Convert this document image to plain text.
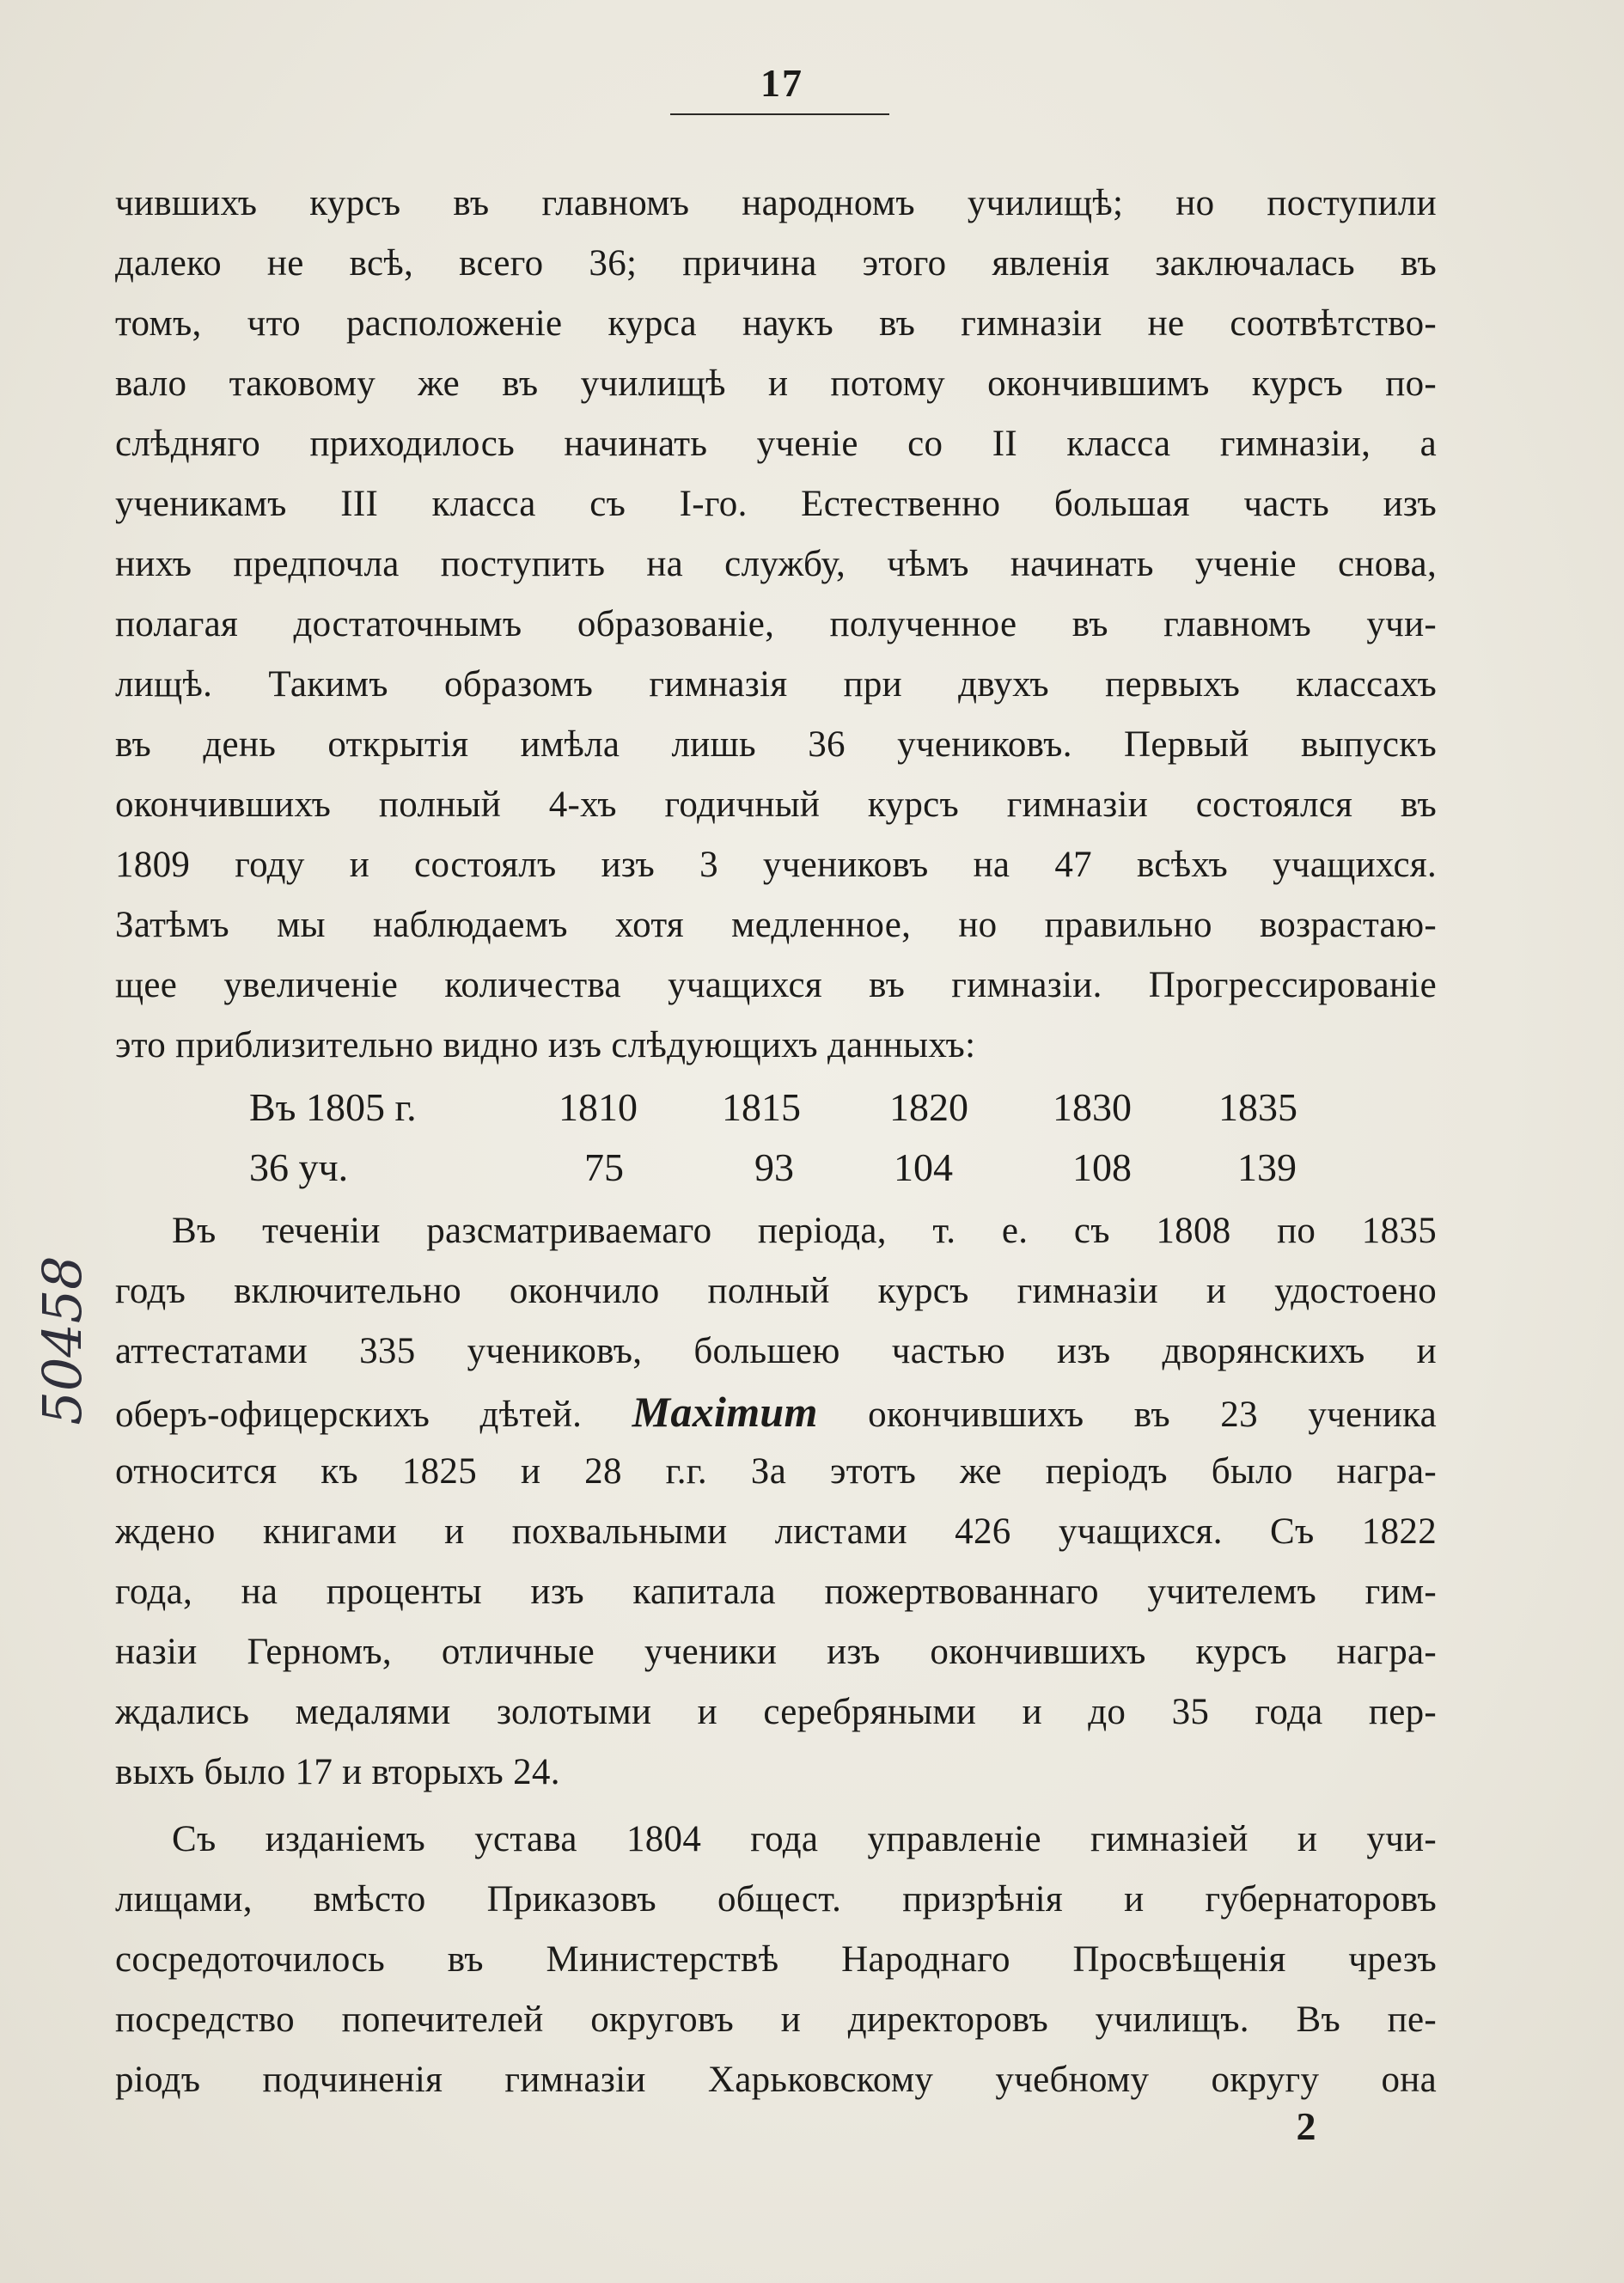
17
чившихъ курсъ въ главномъ народномъ училищѣ; но поступили
далеко не всѣ, всего 36; причина этого явленія заключалась въ
томъ, что расположеніе курса наукъ въ гимназіи не соотвѣтство-
вало таковому же въ училищѣ и потому окончившимъ курсъ по-
слѣдняго приходилось начинать ученіе со II класса гимназіи, а
ученикамъ III класса съ I-го. Естественно большая часть изъ
нихъ предпочла поступить на службу, чѣмъ начинать ученіе снова,
полагая достаточнымъ образованіе, полученное въ главномъ учи-
лищѣ. Такимъ образомъ гимназія при двухъ первыхъ классахъ
въ день открытія имѣла лишь 36 учениковъ. Первый выпускъ
окончившихъ полный 4-хъ годичный курсъ гимназіи состоялся въ
1809 году и состоялъ изъ 3 учениковъ на 47 всѣхъ учащихся.
Затѣмъ мы наблюдаемъ хотя медленное, но правильно возрастаю-
щее увеличеніе количества учащихся въ гимназіи. Прогрессированіе
это приблизительно видно изъ слѣдующихъ данныхъ:
Въ 1805 г.	1810 1815 1820 1830 1835
36 уч.	75	93	104	108	139
Въ теченіи разсматриваемаго періода, т. е. съ 1808 по 1835
годъ включительно окончило полный курсъ гимназіи и удостоено
аттестатами 335 учениковъ, большею частью изъ дворянскихъ и
оберъ-офицерскихъ дѣтей. Maxiтит окончившихъ въ 23 ученика
относится къ 1825 и 28 г.г. За этотъ же періодъ было награ-
ждено книгами и похвальными листами 426 учащихся. Съ 1822
года, на проценты изъ капитала пожертвованнаго учителемъ гим-
назіи Герномъ, отличные ученики изъ окончившихъ курсъ награ-
ждались медалями золотыми и серебряными и до 35 года пер-
выхъ было 17 и вторыхъ 24.
Съ изданіемъ устава 1804 года управленіе гимназіей и учи-
лищами, вмѣсто Приказовъ общест. призрѣнія и губернаторовъ
сосредоточилось въ Министерствѣ Народнаго Просвѣщенія чрезъ
посредство попечителей округовъ и директоровъ училищъ. Въ пе-
ріодъ подчиненія гимназіи Харьковскому учебному округу она
2
50458
